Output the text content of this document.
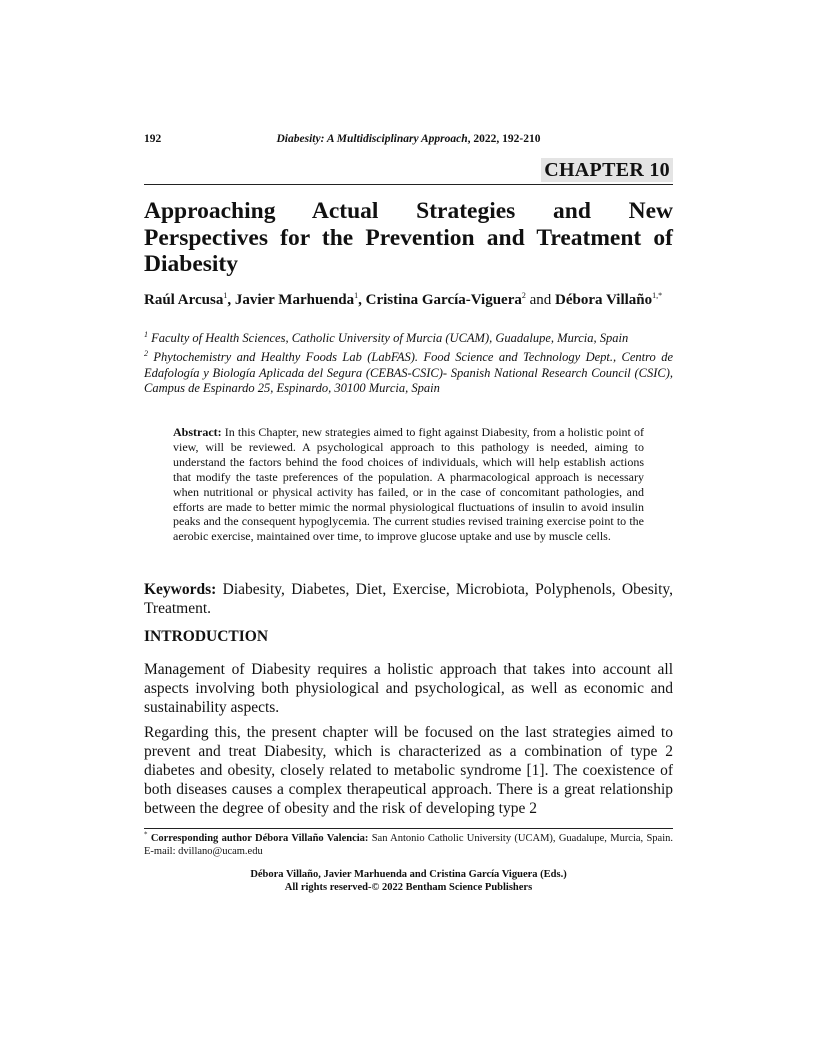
192	Diabesity: A Multidisciplinary Approach, 2022, 192-210
CHAPTER 10
Approaching Actual Strategies and New Perspectives for the Prevention and Treatment of Diabesity
Raúl Arcusa$^1$, Javier Marhuenda$^1$, Cristina García-Viguera$^2$ and Débora Villaño$^{1,*}$
$^1$ Faculty of Health Sciences, Catholic University of Murcia (UCAM), Guadalupe, Murcia, Spain
$^2$ Phytochemistry and Healthy Foods Lab (LabFAS). Food Science and Technology Dept., Centro de Edafología y Biología Aplicada del Segura (CEBAS-CSIC)- Spanish National Research Council (CSIC), Campus de Espinardo 25, Espinardo, 30100 Murcia, Spain
Abstract: In this Chapter, new strategies aimed to fight against Diabesity, from a holistic point of view, will be reviewed. A psychological approach to this pathology is needed, aiming to understand the factors behind the food choices of individuals, which will help establish actions that modify the taste preferences of the population. A pharmacological approach is necessary when nutritional or physical activity has failed, or in the case of concomitant pathologies, and efforts are made to better mimic the normal physiological fluctuations of insulin to avoid insulin peaks and the consequent hypoglycemia. The current studies revised training exercise point to the aerobic exercise, maintained over time, to improve glucose uptake and use by muscle cells.
Keywords: Diabesity, Diabetes, Diet, Exercise, Microbiota, Polyphenols, Obesity, Treatment.
INTRODUCTION

Management of Diabesity requires a holistic approach that takes into account all aspects involving both physiological and psychological, as well as economic and sustainability aspects.

Regarding this, the present chapter will be focused on the last strategies aimed to prevent and treat Diabesity, which is characterized as a combination of type 2 diabetes and obesity, closely related to metabolic syndrome [1]. The coexistence of both diseases causes a complex therapeutical approach. There is a great relationship between the degree of obesity and the risk of developing type 2

* Corresponding author Débora Villaño Valencia: San Antonio Catholic University (UCAM), Guadalupe, Murcia, Spain. E-mail: dvillano@ucam.edu
Débora Villaño, Javier Marhuenda and Cristina García Viguera (Eds.)
All rights reserved-© 2022 Bentham Science Publishers
